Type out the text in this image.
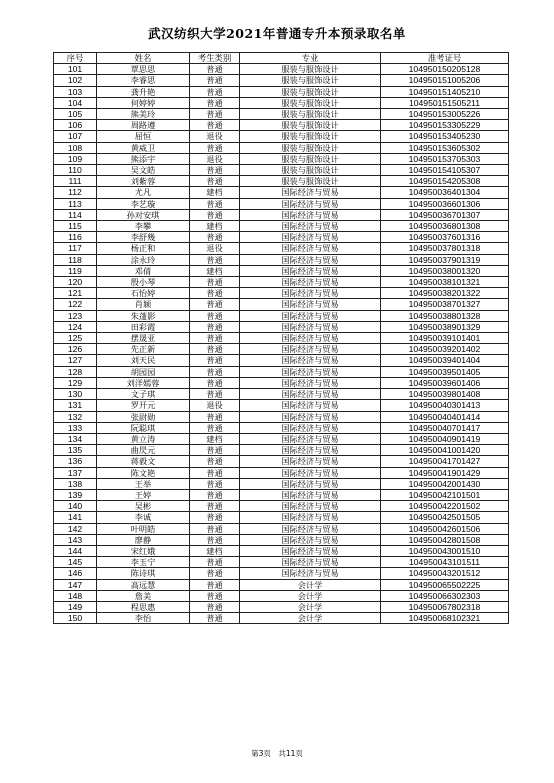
武汉纺织大学2021年普通专升本预录取名单
序号	姓名	考生类别	专业	准考证号
101	覃思思	普通	服装与服饰设计	104950150205128
102	李睿思	普通	服装与服饰设计	104950151005206
103	龚升艳	普通	服装与服饰设计	104950151405210
104	何婷婷	普通	服装与服饰设计	104950151505211
105	熊美玲	普通	服装与服饰设计	104950153005226
106	周路遵	普通	服装与服饰设计	104950153305229
107	屈恒	退役	服装与服饰设计	104950153405230
108	黄威卫	普通	服装与服饰设计	104950153605302
109	熊添宇	退役	服装与服饰设计	104950153705303
110	吴文皓	普通	服装与服饰设计	104950154105307
111	刘紫蓉	普通	服装与服饰设计	104950154205308
112	尤凡	建档	国际经济与贸易	104950036401304
113	李艺璇	普通	国际经济与贸易	104950036601306
114	孙对安琪	普通	国际经济与贸易	104950036701307
115	李攀	建档	国际经济与贸易	104950036801308
116	李舒幾	普通	国际经济与贸易	104950037601316
117	杨正和	退役	国际经济与贸易	104950037801318
118	涂永玲	普通	国际经济与贸易	104950037901319
119	邓倩	建档	国际经济与贸易	104950038001320
120	殷小琴	普通	国际经济与贸易	104950038101321
121	石怡婷	普通	国际经济与贸易	104950038201322
122	肖颖	普通	国际经济与贸易	104950038701327
123	朱蓬影	普通	国际经济与贸易	104950038801328
124	田彩霞	普通	国际经济与贸易	104950038901329
125	摆晟亚	普通	国际经济与贸易	104950039101401
126	先正新	普通	国际经济与贸易	104950039201402
127	刘天民	普通	国际经济与贸易	104950039401404
128	胡园园	普通	国际经济与贸易	104950039501405
129	刘洋嫣蓉	普通	国际经济与贸易	104950039601406
130	文子琪	普通	国际经济与贸易	104950039801408
131	罗开元	退役	国际经济与贸易	104950040301413
132	张尉勋	普通	国际经济与贸易	104950040401414
133	阮聪琪	普通	国际经济与贸易	104950040701417
134	黄立涛	建档	国际经济与贸易	104950040901419
135	曲昃元	普通	国际经济与贸易	104950041001420
136	蒋毅文	普通	国际经济与贸易	104950041701427
137	陈文艳	普通	国际经济与贸易	104950041901429
138	王举	普通	国际经济与贸易	104950042001430
139	王婷	普通	国际经济与贸易	104950042101501
140	吴彬	普通	国际经济与贸易	104950042201502
141	李诚	普通	国际经济与贸易	104950042501505
142	叶明皓	普通	国际经济与贸易	104950042601506
143	廖静	普通	国际经济与贸易	104950042801508
144	宋红娥	建档	国际经济与贸易	104950043001510
145	李玉宁	普通	国际经济与贸易	104950043101511
146	陈诗琪	普通	国际经济与贸易	104950043201512
147	高远慧	普通	会计学	104950065502225
148	詹美	普通	会计学	104950066302303
149	程思惠	普通	会计学	104950067802318
150	李怡	普通	会计学	104950068102321
第3页　共11页
